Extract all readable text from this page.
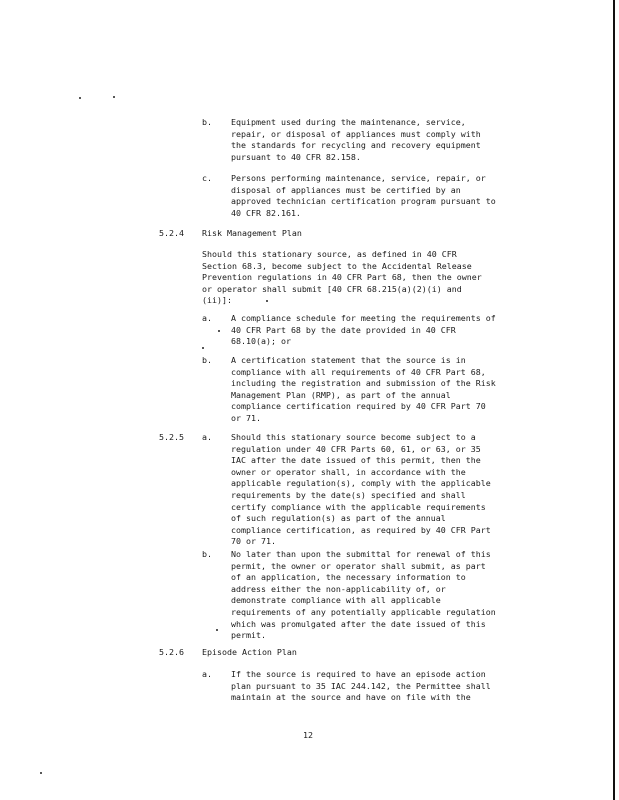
b. Equipment used during the maintenance, service,
repair, or disposal of appliances must comply with
the standards for recycling and recovery equipment
pursuant to 40 CFR 82.158.
c. Persons performing maintenance, service, repair, or
disposal of appliances must be certified by an
approved technician certification program pursuant to
40 CFR 82.161.
5.2.4 Risk Management Plan
Should this stationary source, as defined in 40 CFR
Section 68.3, become subject to the Accidental Release
Prevention regulations in 40 CFR Part 68, then the owner
or operator shall submit [40 CFR 68.215(a)(2)(i) and
(ii)]:
a. A compliance schedule for meeting the requirements of
40 CFR Part 68 by the date provided in 40 CFR
68.10(a); or
b. A certification statement that the source is in
compliance with all requirements of 40 CFR Part 68,
including the registration and submission of the Risk
Management Plan (RMP), as part of the annual
compliance certification required by 40 CFR Part 70
or 71.
5.2.5 a. Should this stationary source become subject to a
regulation under 40 CFR Parts 60, 61, or 63, or 35
IAC after the date issued of this permit, then the
owner or operator shall, in accordance with the
applicable regulation(s), comply with the applicable
requirements by the date(s) specified and shall
certify compliance with the applicable requirements
of such regulation(s) as part of the annual
compliance certification, as required by 40 CFR Part
70 or 71.
b. No later than upon the submittal for renewal of this
permit, the owner or operator shall submit, as part
of an application, the necessary information to
address either the non-applicability of, or
demonstrate compliance with all applicable
requirements of any potentially applicable regulation
which was promulgated after the date issued of this
permit.
5.2.6 Episode Action Plan
a. If the source is required to have an episode action
plan pursuant to 35 IAC 244.142, the Permittee shall
maintain at the source and have on file with the
12
